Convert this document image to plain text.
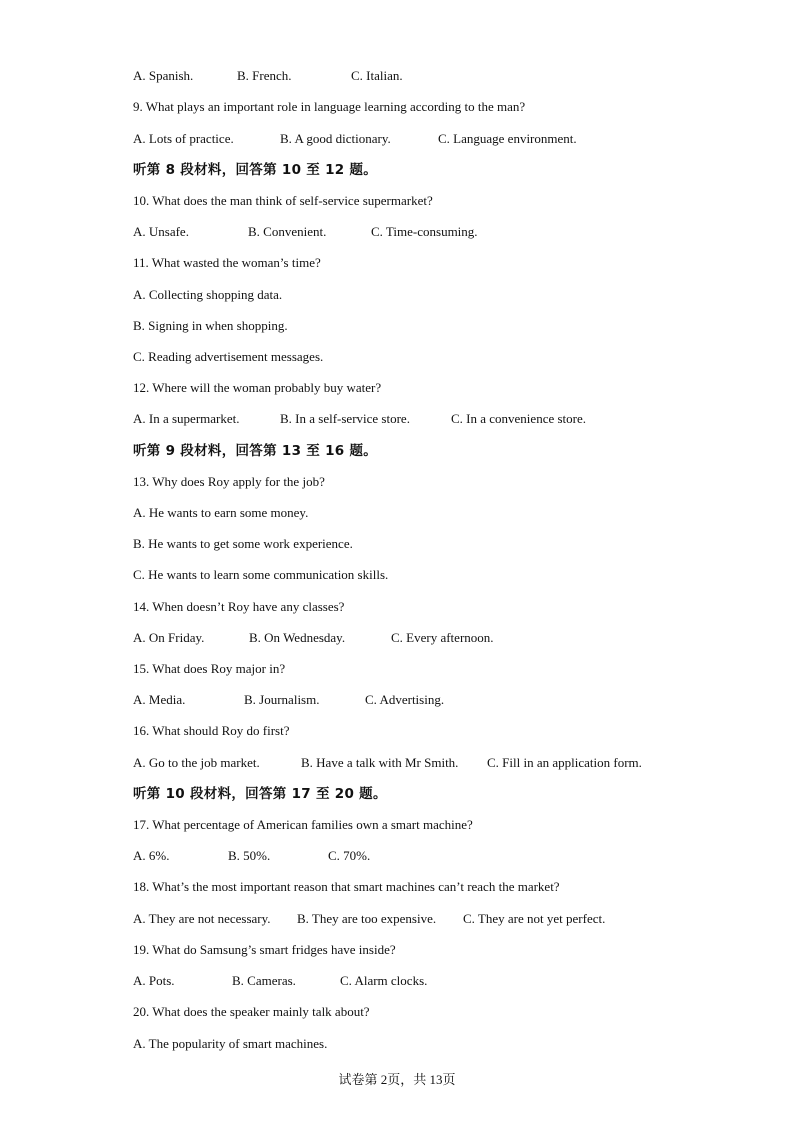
A. Spanish.	B. French.	C. Italian.
9. What plays an important role in language learning according to the man?
A. Lots of practice.	B. A good dictionary.	C. Language environment.
听第 8 段材料，回答第 10 至 12 题。
10. What does the man think of self-service supermarket?
A. Unsafe.	B. Convenient.	C. Time-consuming.
11. What wasted the woman’s time?
A. Collecting shopping data.
B. Signing in when shopping.
C. Reading advertisement messages.
12. Where will the woman probably buy water?
A. In a supermarket.	B. In a self-service store.	C. In a convenience store.
听第 9 段材料，回答第 13 至 16 题。
13. Why does Roy apply for the job?
A. He wants to earn some money.
B. He wants to get some work experience.
C. He wants to learn some communication skills.
14. When doesn’t Roy have any classes?
A. On Friday.	B. On Wednesday.	C. Every afternoon.
15. What does Roy major in?
A. Media.	B. Journalism.	C. Advertising.
16. What should Roy do first?
A. Go to the job market.	B. Have a talk with Mr Smith. C. Fill in an application form.
听第 10 段材料，回答第 17 至 20 题。
17. What percentage of American families own a smart machine?
A. 6%.	B. 50%.	C. 70%.
18. What’s the most important reason that smart machines can’t reach the market?
A. They are not necessary. B. They are too expensive. C. They are not yet perfect.
19. What do Samsung’s smart fridges have inside?
A. Pots.	B. Cameras.	C. Alarm clocks.
20. What does the speaker mainly talk about?
A. The popularity of smart machines.
试卷第 2页，共 13页
